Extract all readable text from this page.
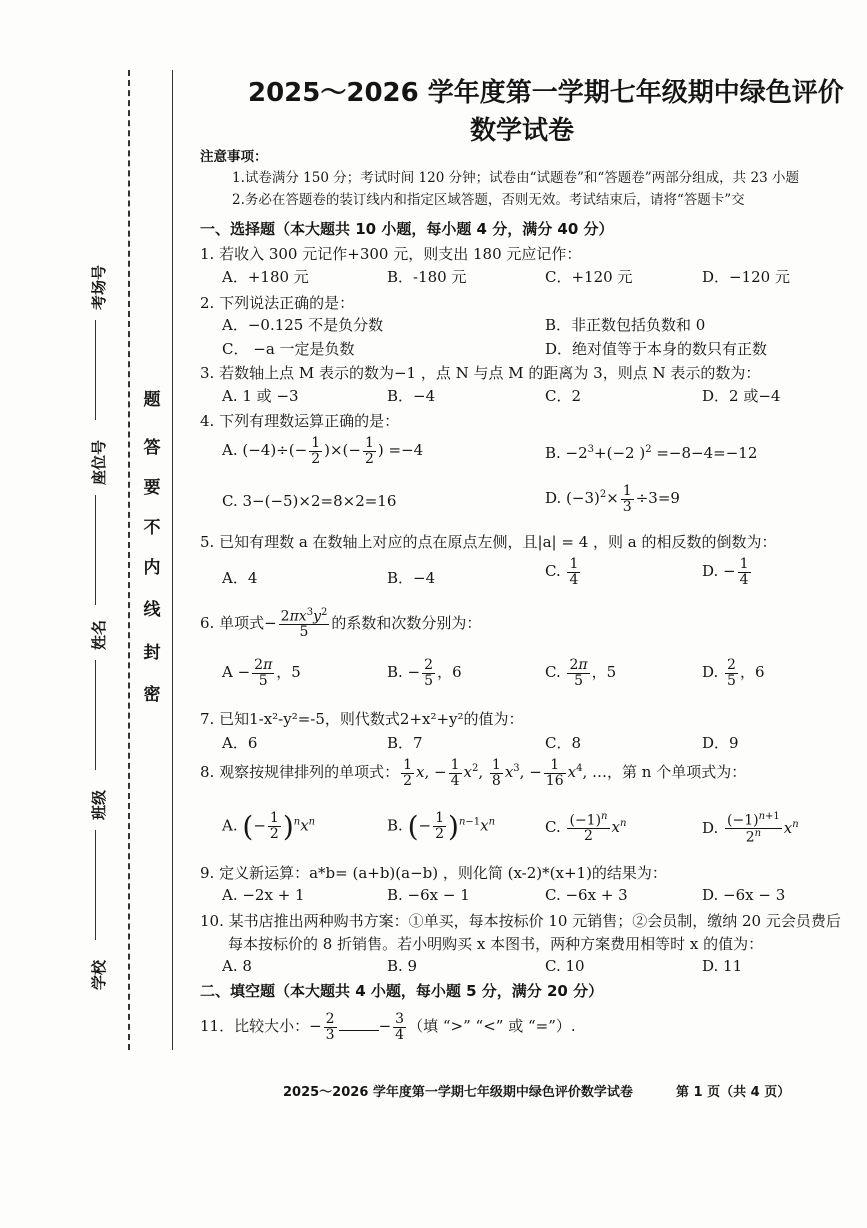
考场号
座位号
姓名
班级
学校
题
答
要
不
内
线
封
密
2025～2026 学年度第一学期七年级期中绿色评价
数学试卷
注意事项：
1.试卷满分 150 分；考试时间 120 分钟；试卷由“试题卷”和“答题卷”两部分组成，共 23 小题
2.务必在答题卷的装订线内和指定区域答题，否则无效。考试结束后，请将“答题卡”交
一、选择题（本大题共 10 小题，每小题 4 分，满分 40 分）
1. 若收入 300 元记作+300 元，则支出 180 元应记作：
A．+180 元	B．-180 元	C．+120 元	D．−120 元
2. 下列说法正确的是：
A．−0.125 不是负分数	B．非正数包括负数和 0
C． −a 一定是负数	D．绝对值等于本身的数只有正数
3. 若数轴上点 M 表示的数为−1 ，点 N 与点 M 的距离为 3，则点 N 表示的数为：
A. 1 或 −3	B．−4	C．2	D．2 或−4
4. 下列有理数运算正确的是：
A. $(-4)\div(- \frac{1}{2}$ )×(− $\frac{1}{2}$ ) =−4	B. $-2^3+(-2$ )$^2$ =−8−4=−12
C. 3−(−5)×2=8×2=16	D. $(-3)^2\times \frac{1}{3} \div 3=9$
5. 已知有理数 a 在数轴上对应的点在原点左侧，且|a| = 4 ，则 a 的相反数的倒数为：
A．4	B．−4	C. $\frac{1}{4}$	D. − $\frac{1}{4}$
6. 单项式− $\frac{2\pi x^3y^2}{5}$ 的系数和次数分别为：
$A - \frac{2\pi}{5}$ ，5	B. − $\frac{2}{5}$ ，6	C. $\frac{2\pi}{5}$ ，5	D. $\frac{2}{5}$ ，6
7. 已知1-x²-y²=-5，则代数式2+x²+y²的值为：
A．6	B．7	C．8	D．9
8. 观察按规律排列的单项式： $\frac{1}{2} x$, − $\frac{1}{4} x^2$, $\frac{1}{8} x^3$, − $\frac{1}{16} x^4$, …，第 n 个单项式为：
A. (− $\frac{1}{2} )^nx^n$	B. (− $\frac{1}{2} )^{n-1}x^n$	C. $\frac{(-1)^n}{2} x^n$	D. $\frac{(-1)^{n+1}}{2^n} x^n$
9. 定义新运算：a*b= (a+b)(a−b) ，则化简 (x-2)*(x+1)的结果为：
A. −2x + 1	B. −6x − 1	C. −6x + 3	D. −6x − 3
10. 某书店推出两种购书方案：①单买，每本按标价 10 元销售；②会员制，缴纳 20 元会员费后
每本按标价的 8 折销售。若小明购买 x 本图书，两种方案费用相等时 x 的值为：
A. 8	B. 9	C. 10	D. 11
二、填空题（本大题共 4 小题，每小题 5 分，满分 20 分）
11．比较大小：− $\frac{2}{3}$	− $\frac{3}{4}$ （填 “>” “<” 或 “=”）.
2025～2026 学年度第一学期七年级期中绿色评价数学试卷	第 1 页（共 4 页）
